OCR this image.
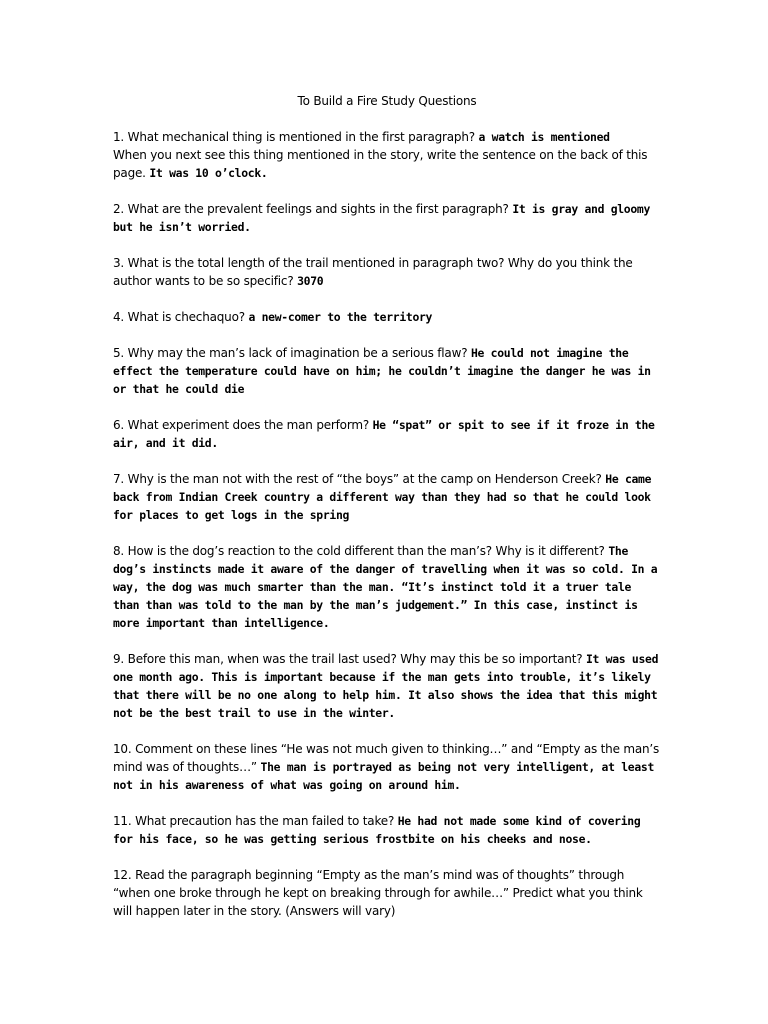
To Build a Fire Study Questions
1. What mechanical thing is mentioned in the first paragraph? a watch is mentioned
When you next see this thing mentioned in the story, write the sentence on the back of this page. It was 10 o’clock.
2. What are the prevalent feelings and sights in the first paragraph? It is gray and gloomy but he isn’t worried.
3. What is the total length of the trail mentioned in paragraph two? Why do you think the author wants to be so specific? 3070
4. What is chechaquo? a new-comer to the territory
5. Why may the man’s lack of imagination be a serious flaw? He could not imagine the effect the temperature could have on him; he couldn’t imagine the danger he was in or that he could die
6. What experiment does the man perform? He “spat” or spit to see if it froze in the air, and it did.
7. Why is the man not with the rest of “the boys” at the camp on Henderson Creek? He came back from Indian Creek country a different way than they had so that he could look for places to get logs in the spring
8. How is the dog’s reaction to the cold different than the man’s? Why is it different? The dog’s instincts made it aware of the danger of travelling when it was so cold. In a way, the dog was much smarter than the man. “It’s instinct told it a truer tale than than was told to the man by the man’s judgement.” In this case, instinct is more important than intelligence.
9. Before this man, when was the trail last used? Why may this be so important? It was used one month ago. This is important because if the man gets into trouble, it’s likely that there will be no one along to help him. It also shows the idea that this might not be the best trail to use in the winter.
10. Comment on these lines “He was not much given to thinking…” and “Empty as the man’s mind was of thoughts…” The man is portrayed as being not very intelligent, at least not in his awareness of what was going on around him.
11. What precaution has the man failed to take? He had not made some kind of covering for his face, so he was getting serious frostbite on his cheeks and nose.
12. Read the paragraph beginning “Empty as the man’s mind was of thoughts” through “when one broke through he kept on breaking through for awhile…” Predict what you think will happen later in the story. (Answers will vary)
